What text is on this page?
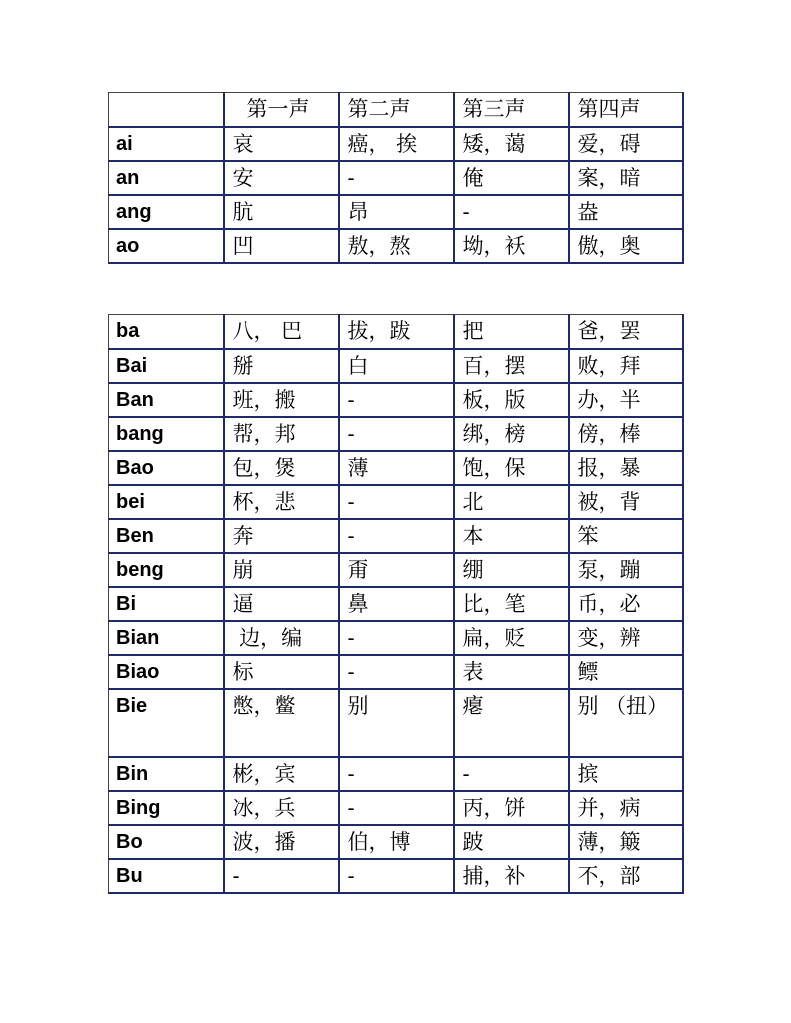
	第一声	第二声	第三声	第四声
ai	哀	癌， 挨	矮，蔼	爱，碍
an	安	-	俺	案，暗
ang	肮	昂	-	盎
ao	凹	敖，熬	坳，袄	傲，奥
ba	八， 巴	拔，跋	把	爸，罢
Bai	掰	白	百，摆	败，拜
Ban	班，搬	-	板，版	办，半
bang	帮，邦	-	绑，榜	傍，棒
Bao	包，煲	薄	饱，保	报，暴
bei	杯，悲	-	北	被，背
Ben	奔	-	本	笨
beng	崩	甭	绷	泵，蹦
Bi	逼	鼻	比，笔	币，必
Bian	边，编	-	扁，贬	变，辨
Biao	标	-	表	鳔
Bie	憋，鳖	别	瘪	别 （扭）
Bin	彬，宾	-	-	摈
Bing	冰，兵	-	丙，饼	并，病
Bo	波，播	伯，博	跛	薄，簸
Bu	-	-	捕，补	不，部
